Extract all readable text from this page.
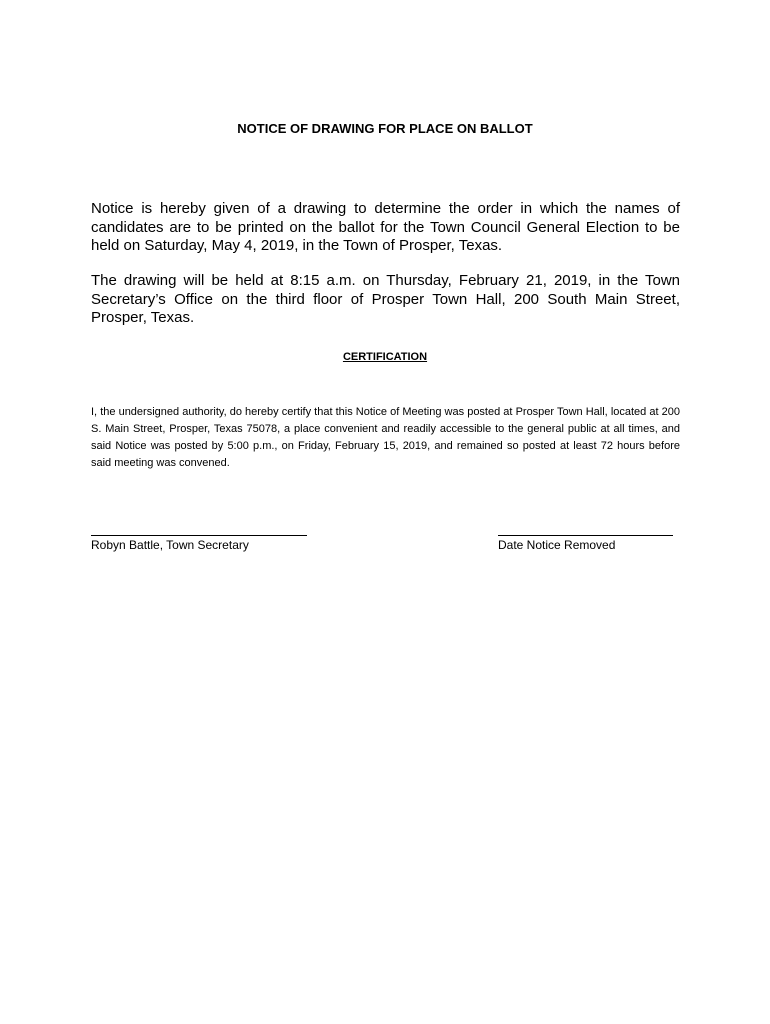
NOTICE OF DRAWING FOR PLACE ON BALLOT
Notice is hereby given of a drawing to determine the order in which the names of candidates are to be printed on the ballot for the Town Council General Election to be held on Saturday, May 4, 2019, in the Town of Prosper, Texas.
The drawing will be held at 8:15 a.m. on Thursday, February 21, 2019, in the Town Secretary’s Office on the third floor of Prosper Town Hall, 200 South Main Street, Prosper, Texas.
CERTIFICATION
I, the undersigned authority, do hereby certify that this Notice of Meeting was posted at Prosper Town Hall, located at 200 S. Main Street, Prosper, Texas 75078, a place convenient and readily accessible to the general public at all times, and said Notice was posted by 5:00 p.m., on Friday, February 15, 2019, and remained so posted at least 72 hours before said meeting was convened.
Robyn Battle, Town Secretary	Date Notice Removed
